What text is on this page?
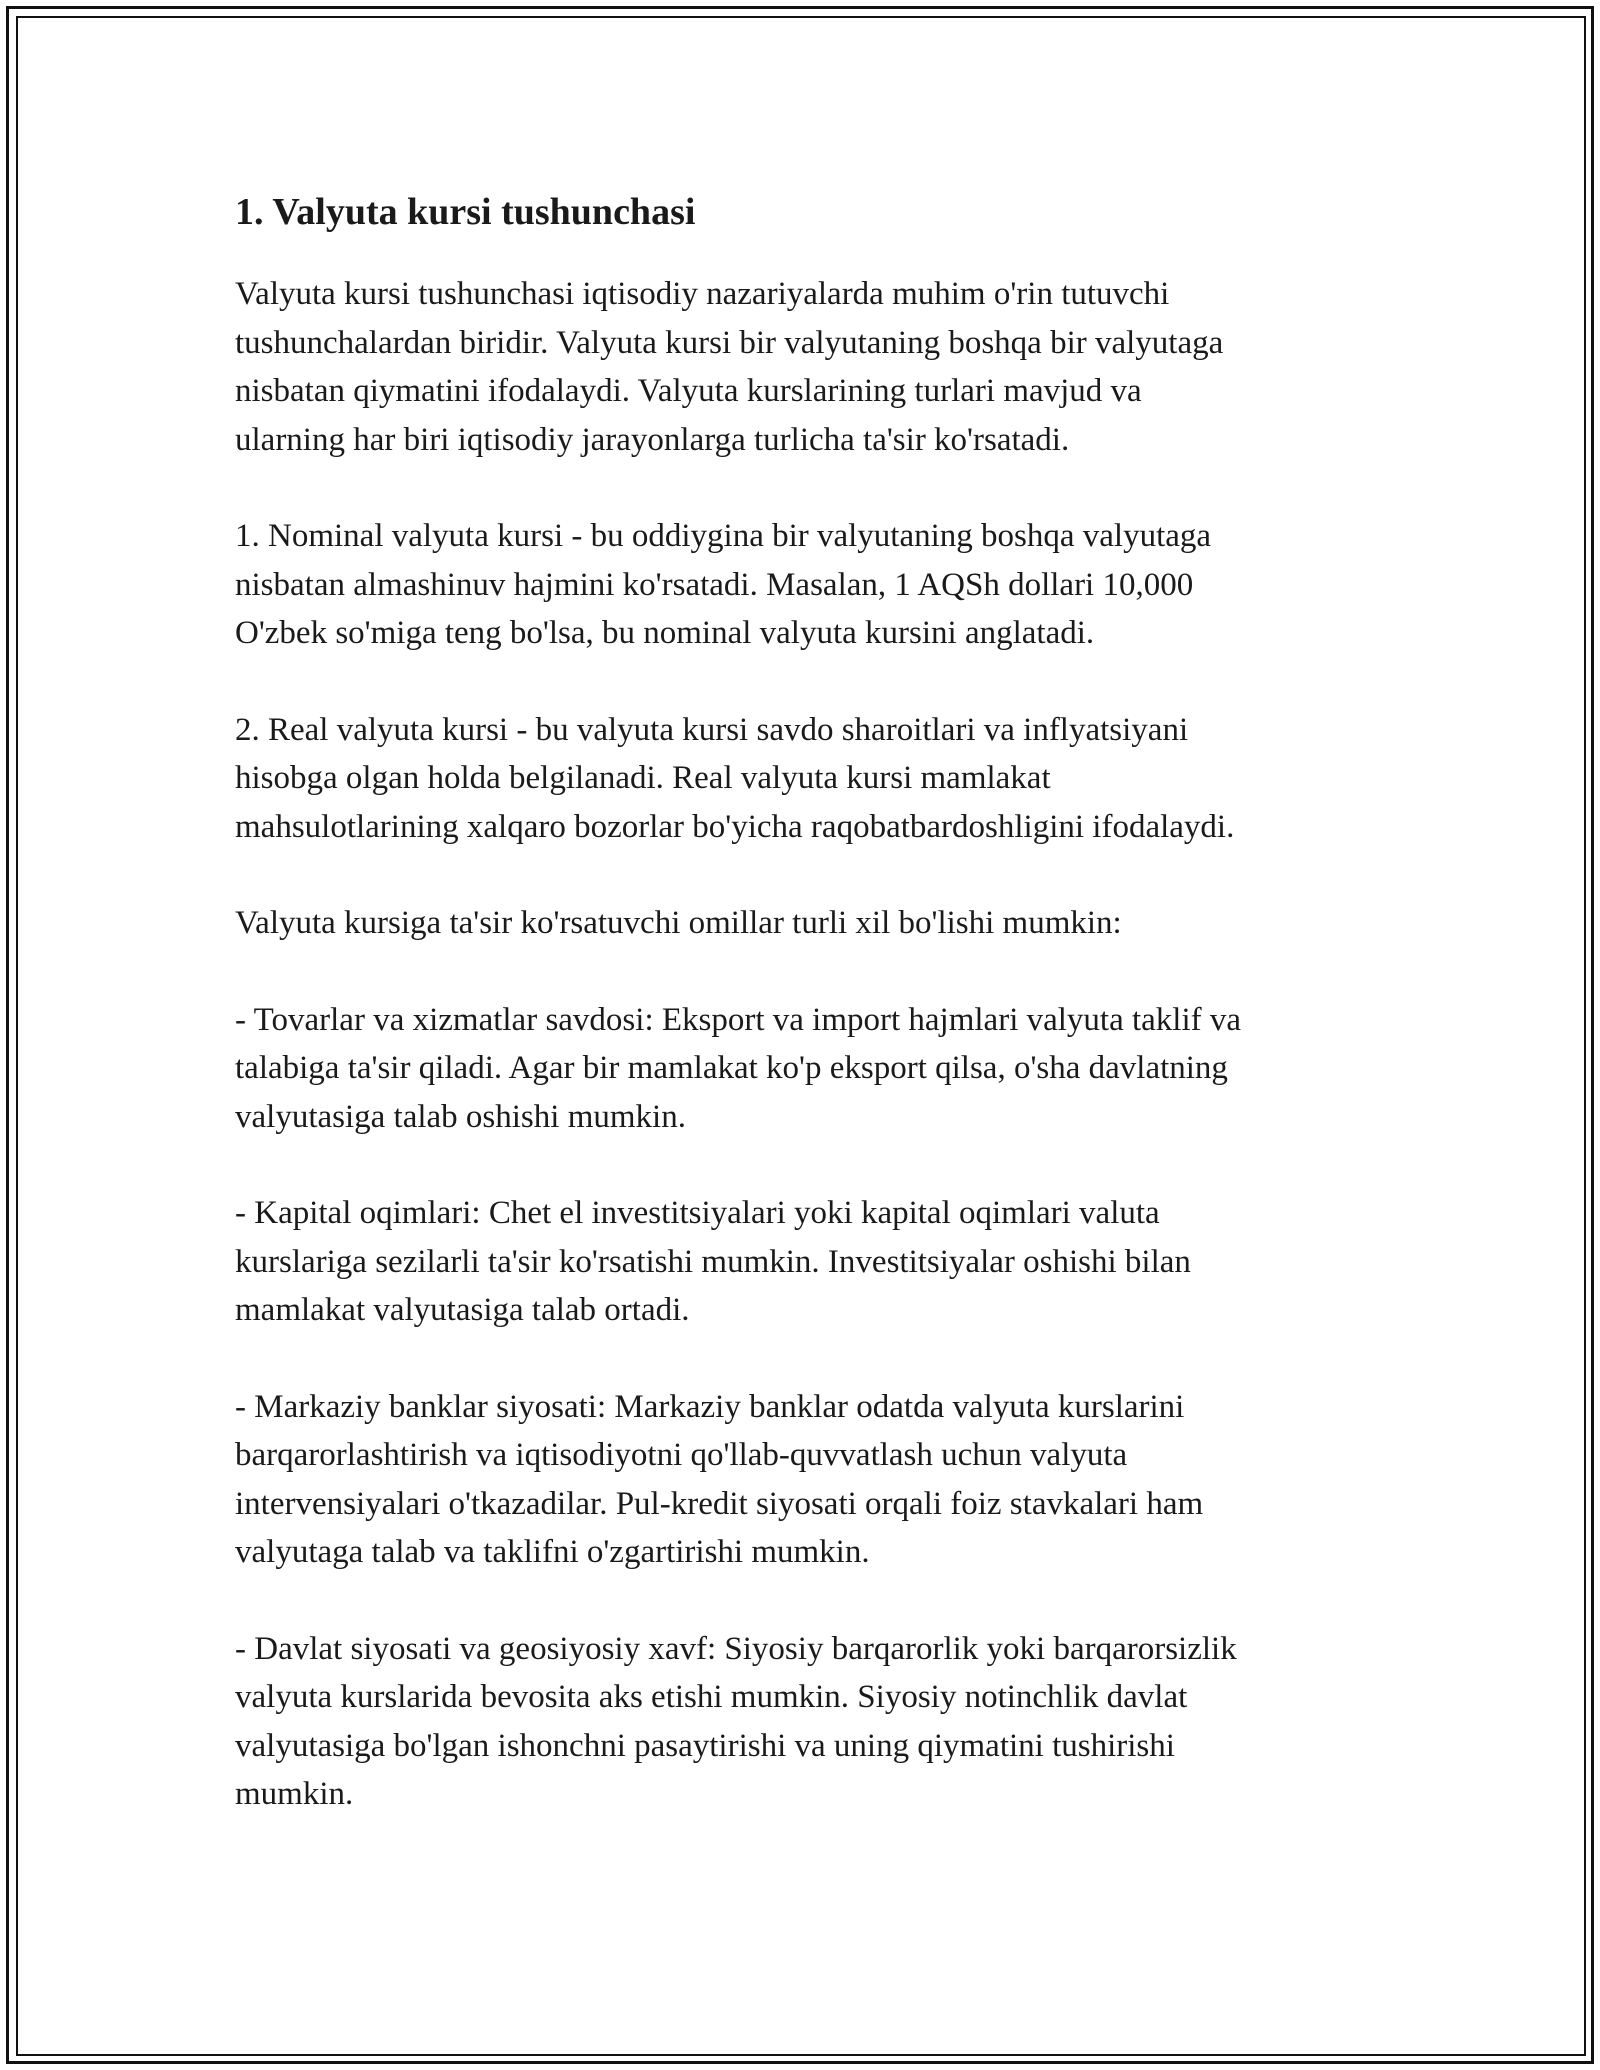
1. Valyuta kursi tushunchasi

Valyuta kursi tushunchasi iqtisodiy nazariyalarda muhim o'rin tutuvchi
tushunchalardan biridir. Valyuta kursi bir valyutaning boshqa bir valyutaga
nisbatan qiymatini ifodalaydi. Valyuta kurslarining turlari mavjud va
ularning har biri iqtisodiy jarayonlarga turlicha ta'sir ko'rsatadi.

1. Nominal valyuta kursi - bu oddiygina bir valyutaning boshqa valyutaga
nisbatan almashinuv hajmini ko'rsatadi. Masalan, 1 AQSh dollari 10,000
O'zbek so'miga teng bo'lsa, bu nominal valyuta kursini anglatadi.

2. Real valyuta kursi - bu valyuta kursi savdo sharoitlari va inflyatsiyani
hisobga olgan holda belgilanadi. Real valyuta kursi mamlakat
mahsulotlarining xalqaro bozorlar bo'yicha raqobatbardoshligini ifodalaydi.

Valyuta kursiga ta'sir ko'rsatuvchi omillar turli xil bo'lishi mumkin:

- Tovarlar va xizmatlar savdosi: Eksport va import hajmlari valyuta taklif va
talabiga ta'sir qiladi. Agar bir mamlakat ko'p eksport qilsa, o'sha davlatning
valyutasiga talab oshishi mumkin.

- Kapital oqimlari: Chet el investitsiyalari yoki kapital oqimlari valuta
kurslariga sezilarli ta'sir ko'rsatishi mumkin. Investitsiyalar oshishi bilan
mamlakat valyutasiga talab ortadi.

- Markaziy banklar siyosati: Markaziy banklar odatda valyuta kurslarini
barqarorlashtirish va iqtisodiyotni qo'llab-quvvatlash uchun valyuta
intervensiyalari o'tkazadilar. Pul-kredit siyosati orqali foiz stavkalari ham
valyutaga talab va taklifni o'zgartirishi mumkin.

- Davlat siyosati va geosiyosiy xavf: Siyosiy barqarorlik yoki barqarorsizlik
valyuta kurslarida bevosita aks etishi mumkin. Siyosiy notinchlik davlat
valyutasiga bo'lgan ishonchni pasaytirishi va uning qiymatini tushirishi
mumkin.
